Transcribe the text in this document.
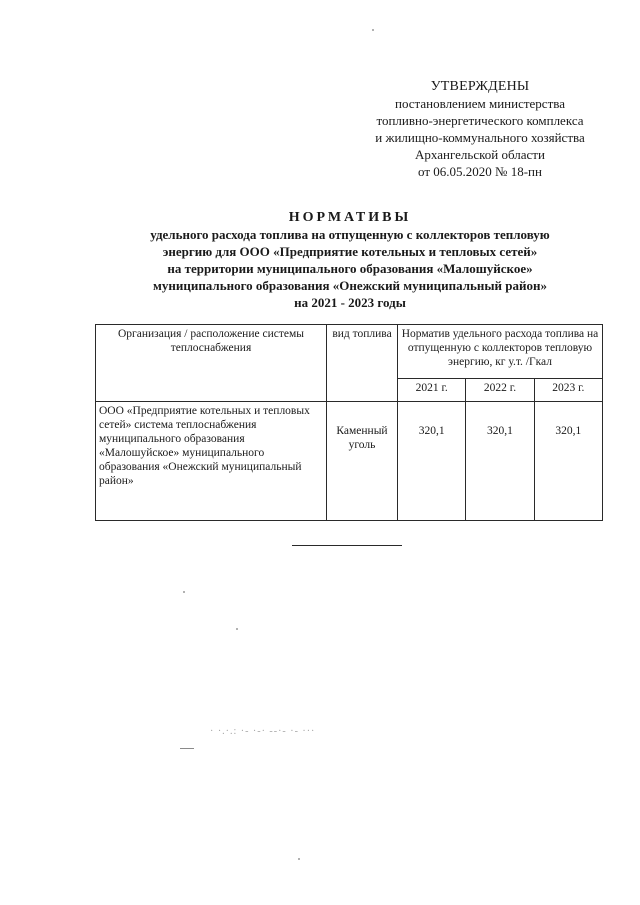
УТВЕРЖДЕНЫ
постановлением министерства
топливно-энергетического комплекса
и жилищно-коммунального хозяйства
Архангельской области
от 06.05.2020 № 18-пн
НОРМАТИВЫ
удельного расхода топлива на отпущенную с коллекторов тепловую
энергию для ООО «Предприятие котельных и тепловых сетей»
на территории муниципального образования «Малошуйское»
муниципального образования «Онежский муниципальный район»
на 2021 - 2023 годы
Организация / расположение системы теплоснабжения	вид топлива	Норматив удельного расхода топлива на отпущенную с коллекторов тепловую энергию, кг у.т. /Гкал		
		2021 г.	2022 г.	2023 г.
ООО «Предприятие котельных и тепловых сетей» система теплоснабжения муниципального образования «Малошуйское» муниципального образования «Онежский муниципальный район»	Каменный уголь	320,1	320,1	320,1
· ·.·.: ·- ·-· --·- ·- ···
